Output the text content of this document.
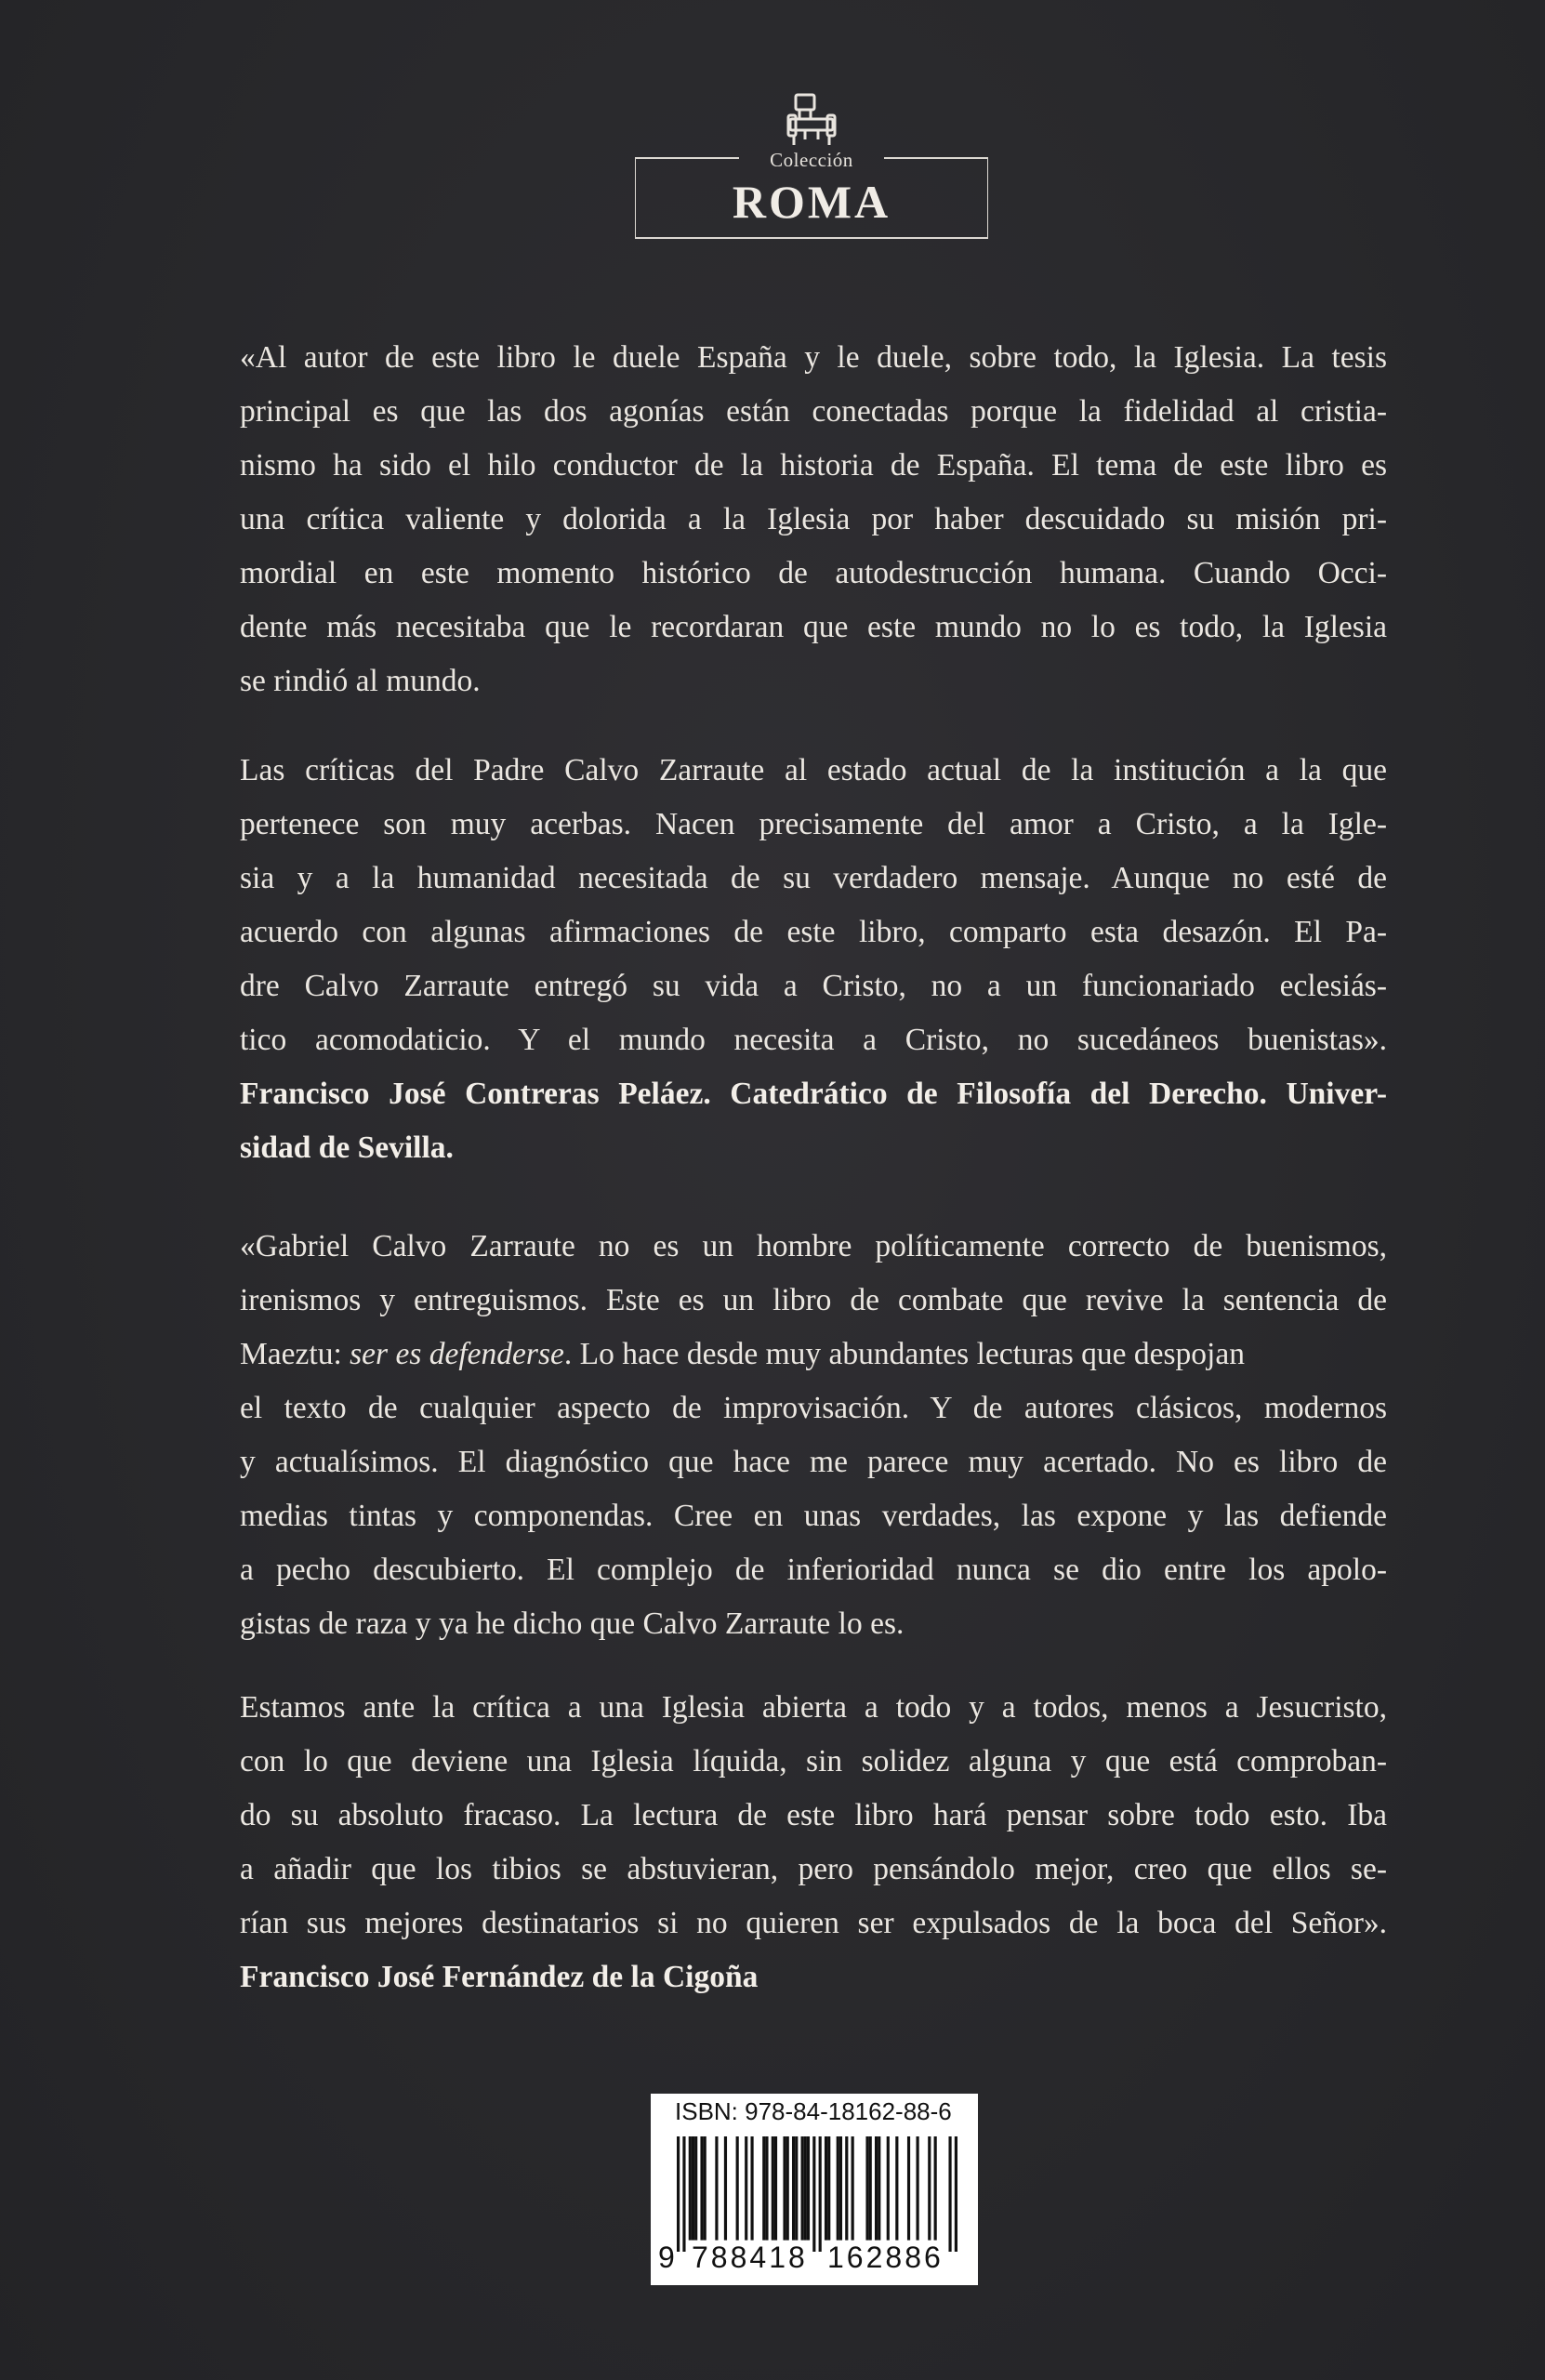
Colección
ROMA
«Al autor de este libro le duele España y le duele, sobre todo, la Iglesia. La tesis
principal es que las dos agonías están conectadas porque la fidelidad al cristia-
nismo ha sido el hilo conductor de la historia de España. El tema de este libro es
una crítica valiente y dolorida a la Iglesia por haber descuidado su misión pri-
mordial en este momento histórico de autodestrucción humana. Cuando Occi-
dente más necesitaba que le recordaran que este mundo no lo es todo, la Iglesia
se rindió al mundo.
Las críticas del Padre Calvo Zarraute al estado actual de la institución a la que
pertenece son muy acerbas. Nacen precisamente del amor a Cristo, a la Igle-
sia y a la humanidad necesitada de su verdadero mensaje. Aunque no esté de
acuerdo con algunas afirmaciones de este libro, comparto esta desazón. El Pa-
dre Calvo Zarraute entregó su vida a Cristo, no a un funcionariado eclesiás-
tico acomodaticio. Y el mundo necesita a Cristo, no sucedáneos buenistas».
Francisco José Contreras Peláez. Catedrático de Filosofía del Derecho. Univer-
sidad de Sevilla.
«Gabriel Calvo Zarraute no es un hombre políticamente correcto de buenismos,
irenismos y entreguismos. Este es un libro de combate que revive la sentencia de
Maeztu: ser es defenderse. Lo hace desde muy abundantes lecturas que despojan
el texto de cualquier aspecto de improvisación. Y de autores clásicos, modernos
y actualísimos. El diagnóstico que hace me parece muy acertado. No es libro de
medias tintas y componendas. Cree en unas verdades, las expone y las defiende
a pecho descubierto. El complejo de inferioridad nunca se dio entre los apolo-
gistas de raza y ya he dicho que Calvo Zarraute lo es.
Estamos ante la crítica a una Iglesia abierta a todo y a todos, menos a Jesucristo,
con lo que deviene una Iglesia líquida, sin solidez alguna y que está comproban-
do su absoluto fracaso. La lectura de este libro hará pensar sobre todo esto. Iba
a añadir que los tibios se abstuvieran, pero pensándolo mejor, creo que ellos se-
rían sus mejores destinatarios si no quieren ser expulsados de la boca del Señor».
Francisco José Fernández de la Cigoña
ISBN: 978-84-18162-88-6
9 788418 162886
